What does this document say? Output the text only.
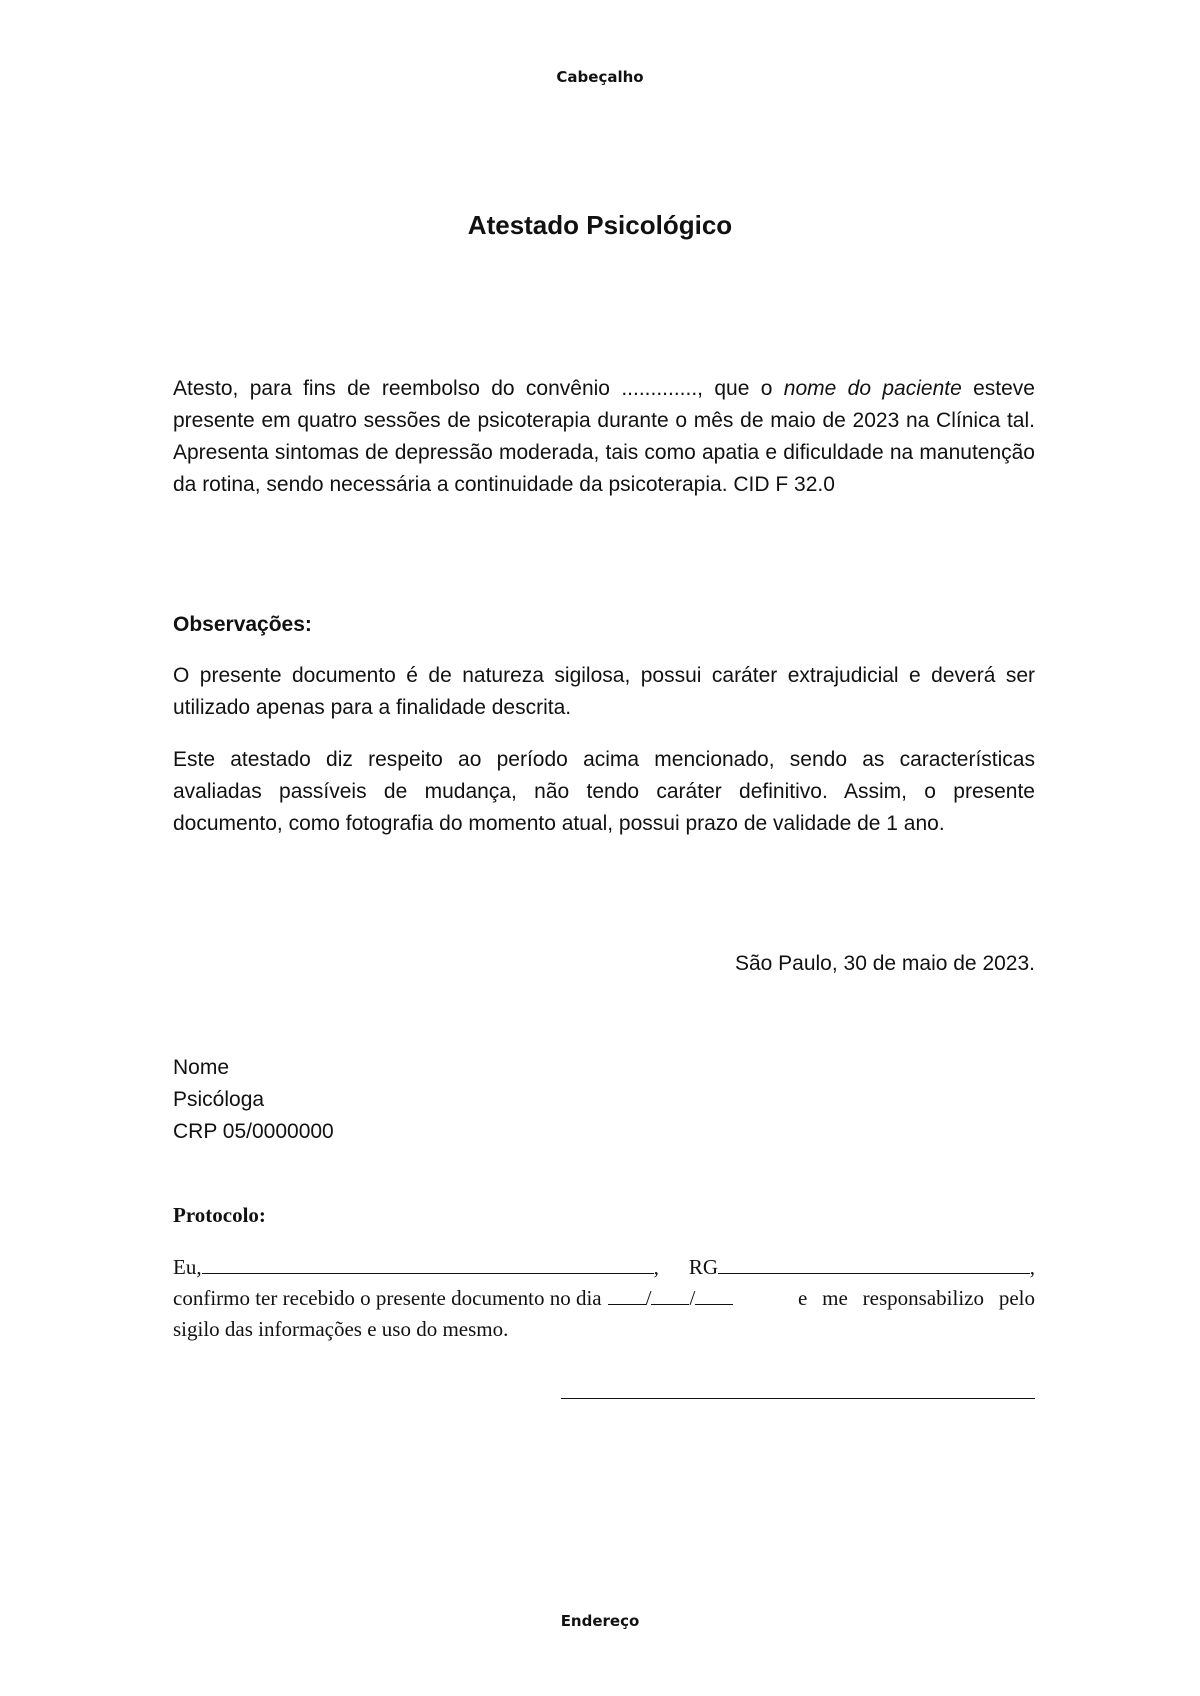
Cabeçalho
Atestado Psicológico
Atesto, para fins de reembolso do convênio ............., que o nome do paciente esteve presente em quatro sessões de psicoterapia durante o mês de maio de 2023 na Clínica tal. Apresenta sintomas de depressão moderada, tais como apatia e dificuldade na manutenção da rotina, sendo necessária a continuidade da psicoterapia. CID F 32.0
Observações:
O presente documento é de natureza sigilosa, possui caráter extrajudicial e deverá ser utilizado apenas para a finalidade descrita.
Este atestado diz respeito ao período acima mencionado, sendo as características avaliadas passíveis de mudança, não tendo caráter definitivo. Assim, o presente documento, como fotografia do momento atual, possui prazo de validade de 1 ano.
São Paulo, 30 de maio de 2023.
Nome
Psicóloga
CRP 05/0000000
Protocolo:
Eu,	, RG	,
confirmo ter recebido o presente documento no dia / /	e me responsabilizo pelo sigilo das informações e uso do mesmo.
Endereço
